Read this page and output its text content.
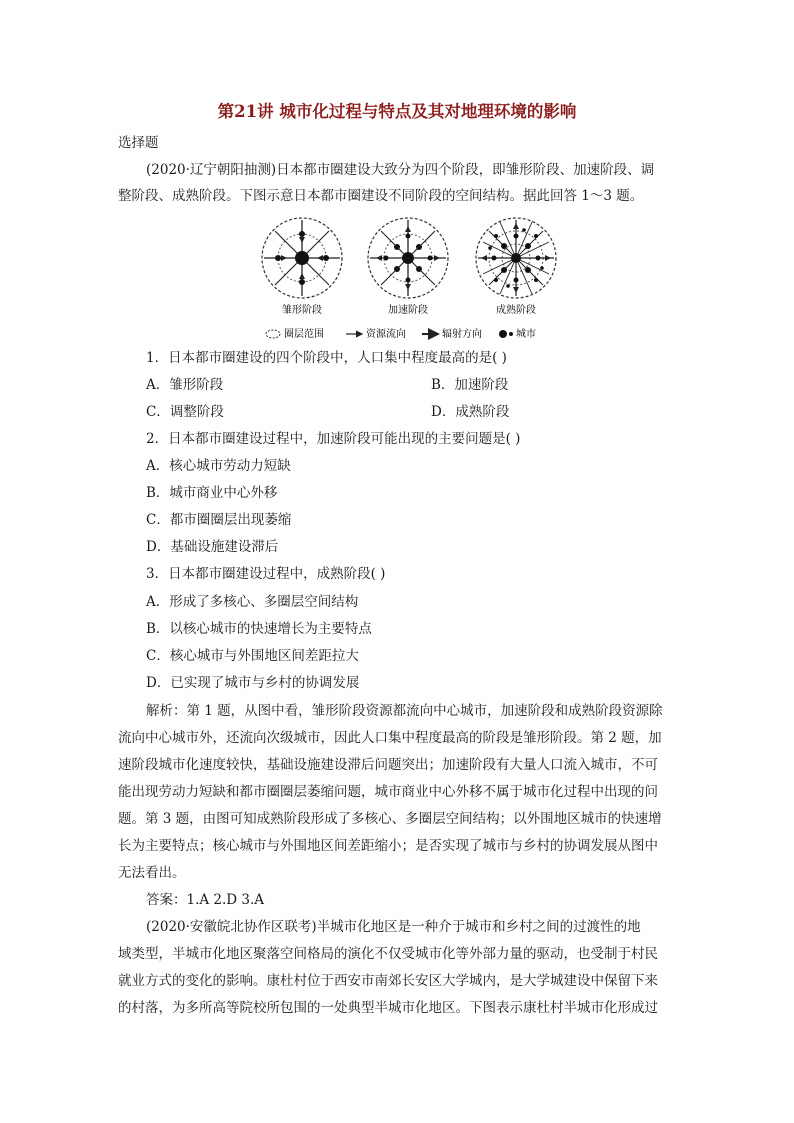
第21讲 城市化过程与特点及其对地理环境的影响
选择题
(2020·辽宁朝阳抽测)日本都市圈建设大致分为四个阶段，即雏形阶段、加速阶段、调
整阶段、成熟阶段。下图示意日本都市圈建设不同阶段的空间结构。据此回答 1～3 题。
雏形阶段	加速阶段	成熟阶段
圈层范围	资源流向	辐射方向	城市
1．日本都市圈建设的四个阶段中，人口集中程度最高的是( )
A．雏形阶段	B．加速阶段
C．调整阶段	D．成熟阶段
2．日本都市圈建设过程中，加速阶段可能出现的主要问题是( )
A．核心城市劳动力短缺
B．城市商业中心外移
C．都市圈圈层出现萎缩
D．基础设施建设滞后
3．日本都市圈建设过程中，成熟阶段( )
A．形成了多核心、多圈层空间结构
B．以核心城市的快速增长为主要特点
C．核心城市与外围地区间差距拉大
D．已实现了城市与乡村的协调发展
解析：第 1 题，从图中看，雏形阶段资源都流向中心城市，加速阶段和成熟阶段资源除
流向中心城市外，还流向次级城市，因此人口集中程度最高的阶段是雏形阶段。第 2 题，加
速阶段城市化速度较快，基础设施建设滞后问题突出；加速阶段有大量人口流入城市，不可
能出现劳动力短缺和都市圈圈层萎缩问题，城市商业中心外移不属于城市化过程中出现的问
题。第 3 题，由图可知成熟阶段形成了多核心、多圈层空间结构；以外围地区城市的快速增
长为主要特点；核心城市与外围地区间差距缩小；是否实现了城市与乡村的协调发展从图中
无法看出。
答案：1.A 2.D 3.A
(2020·安徽皖北协作区联考)半城市化地区是一种介于城市和乡村之间的过渡性的地
域类型，半城市化地区聚落空间格局的演化不仅受城市化等外部力量的驱动，也受制于村民
就业方式的变化的影响。康杜村位于西安市南郊长安区大学城内，是大学城建设中保留下来
的村落，为多所高等院校所包围的一处典型半城市化地区。下图表示康杜村半城市化形成过
